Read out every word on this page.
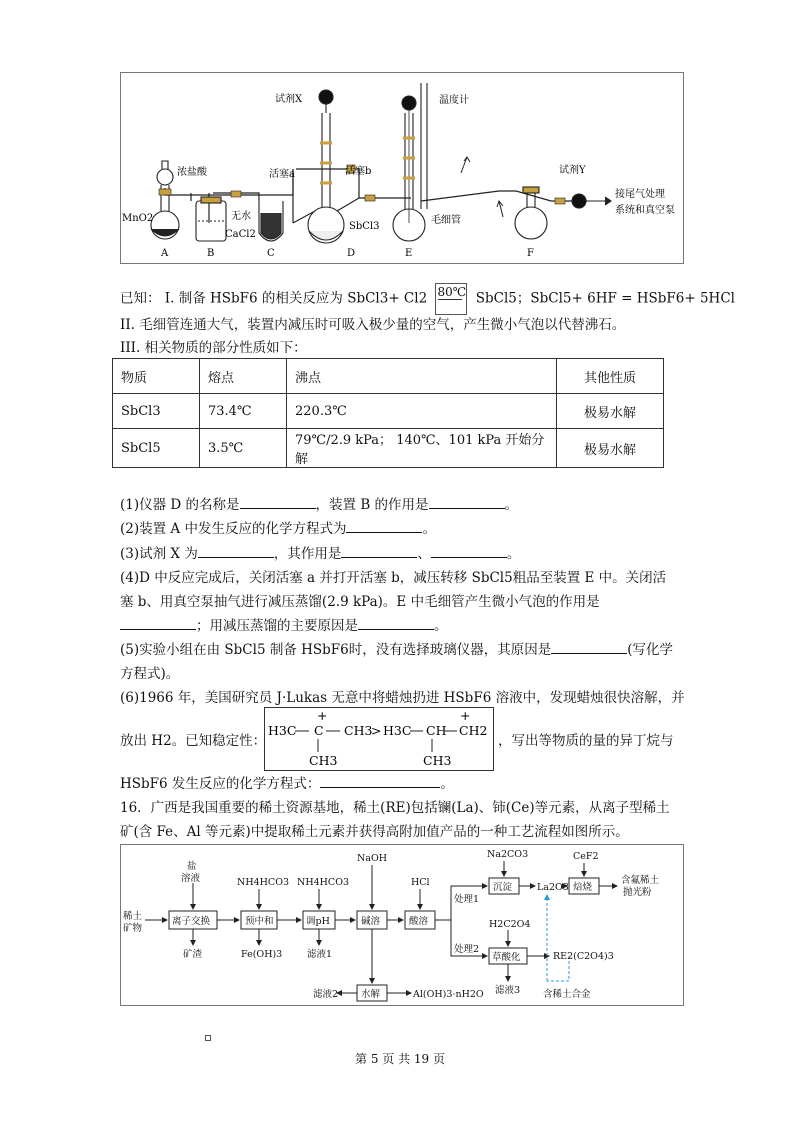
试剂X	温度计
浓盐酸	活塞a	活塞b	试剂Y
接尾气处理
系统和真空泵
MnO2	无水
CaCl2
SbCl3
毛细管
A	B	C	D	E	F
已知： I. 制备 HSbF6 的相关反应为 SbCl3+ Cl2 80℃ SbCl5；SbCl5+ 6HF = HSbF6+ 5HCl
II. 毛细管连通大气，装置内减压时可吸入极少量的空气，产生微小气泡以代替沸石。
III. 相关物质的部分性质如下：
物质	熔点	沸点	其他性质
SbCl3	73.4℃	220.3℃	极易水解
SbCl5	3.5℃	79℃/2.9 kPa； 140℃、101 kPa 开始分解	极易水解
(1)仪器 D 的名称是	，装置 B 的作用是	。
(2)装置 A 中发生反应的化学方程式为	。
(3)试剂 X 为	，其作用是	、	。
(4)D 中反应完成后，关闭活塞 a 并打开活塞 b，减压转移 SbCl5粗品至装置 E 中。关闭活
塞 b、用真空泵抽气进行减压蒸馏(2.9 kPa)。E 中毛细管产生微小气泡的作用是
；用减压蒸馏的主要原因是	。
(5)实验小组在由 SbCl5 制备 HSbF6时，没有选择玻璃仪器，其原因是	(写化学
方程式)。
(6)1966 年，美国研究员 J·Lukas 无意中将蜡烛扔进 HSbF6 溶液中，发现蜡烛很快溶解，并
放出 H2。已知稳定性：
+	+
H3C C CH3
> H3C CH CH2
CH3	CH3
，写出等物质的量的异丁烷与
HSbF6 发生反应的化学方程式：	。
16．广西是我国重要的稀土资源基地，稀土(RE)包括镧(La)、铈(Ce)等元素，从离子型稀土
矿(含 Fe、Al 等元素)中提取稀土元素并获得高附加值产品的一种工艺流程如图所示。
稀土
矿物
盐
溶液
离子交换	预中和	调pH	碱溶	酸溶
NH4HCO3 NH4HCO3
NaOH
HCl
矿渣	Fe(OH)3	滤液1
滤液2 水解	Al(OH)3·nH2O
处理1
处理2
Na2CO3
沉淀	La2O3
CeF2
焙烧
含氟稀土
抛光粉
H2C2O4
草酸化	RE2(C2O4)3
滤液3 含稀土合金
第 5 页 共 19 页
